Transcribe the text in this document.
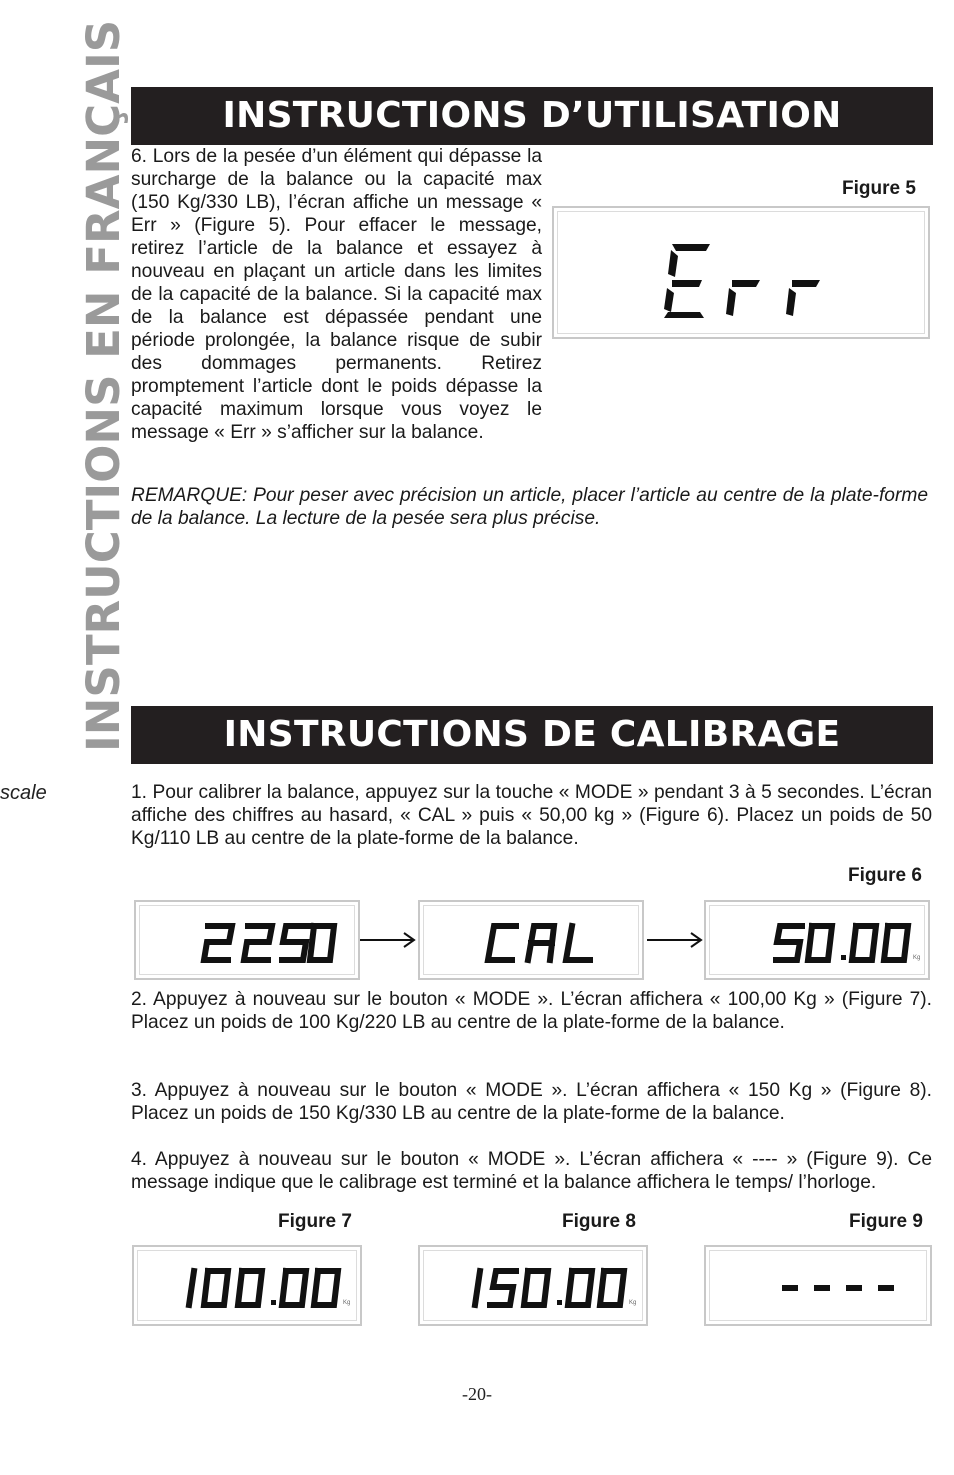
INSTRUCTIONS EN FRANÇAIS
scale
INSTRUCTIONS D’UTILISATION
6. Lors de la pesée d’un élément qui dépasse la surcharge de la balance ou la capacité max (150 Kg/330 LB), l’écran affiche un message « Err » (Figure 5). Pour effacer le message, retirez l’article de la balance et essayez à nouveau en plaçant un article dans les limites de la capacité de la balance. Si la capacité max de la balance est dépassée pendant une période prolongée, la balance risque de subir des dommages permanents. Retirez promptement l’article dont le poids dépasse la capacité maximum lorsque vous voyez le message « Err » s’afficher sur la balance.
Figure 5
REMARQUE: Pour peser avec précision un article, placer l’article au centre de la plate-forme de la balance. La lecture de la pesée sera plus précise.
INSTRUCTIONS DE CALIBRAGE
1. Pour calibrer la balance, appuyez sur la touche « MODE » pendant 3 à 5 secondes. L’écran affiche des chiffres au hasard, « CAL » puis « 50,00 kg » (Figure 6). Placez un poids de 50 Kg/110 LB au centre de la plate-forme de la balance.
Figure 6
Kg
2. Appuyez à nouveau sur le bouton « MODE ». L’écran affichera « 100,00 Kg » (Figure 7). Placez un poids de 100 Kg/220 LB au centre de la plate-forme de la balance.
3. Appuyez à nouveau sur le bouton « MODE ». L’écran affichera « 150 Kg » (Figure 8). Placez un poids de 150 Kg/330 LB au centre de la plate-forme de la balance.
4. Appuyez à nouveau sur le bouton « MODE ». L’écran affichera « ---- » (Figure 9). Ce message indique que le calibrage est terminé et la balance affichera le temps/ l’horloge.
Figure 7	Figure 8	Figure 9
Kg	Kg
-20-
